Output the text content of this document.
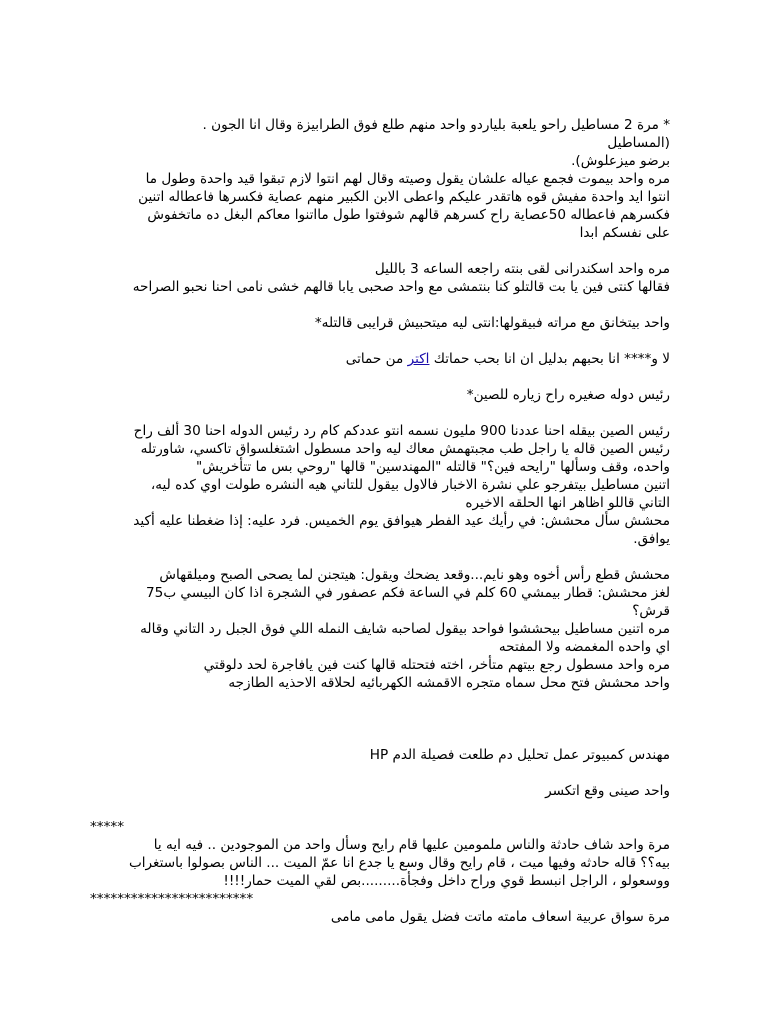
* مرة 2 مساطيل راحو يلعبة بلياردو واحد منهم طلع فوق الطرابيزة وقال انا الجون .

(المساطيل

برضو ميزعلوش).

مره واحد بيموت فجمع عياله علشان يقول وصيته وقال لهم انتوا لازم تبقوا قيد واحدة وطول ما

انتوا ايد واحدة مفيش قوه هاتقدر عليكم واعطى الابن الكبير منهم عصاية فكسرها فاعطاله اتنين

فكسرهم فاعطاله 50عصاية راح كسرهم قالهم شوفتوا طول مااتنوا معاكم البغل ده ماتخفوش

على نفسكم ابدا

مره واحد اسكندرانى لقى بنته راجعه الساعه 3 بالليل

فقالها كنتى فين يا بت قالتلو كنا بنتمشى مع واحد صحبى يابا قالهم خشى نامى احنا نحبو الصراحه

واحد بيتخانق مع مراته فبيقولها:انتى ليه ميتحبيش قرايبى قالتله*

لا و**** انا بحبهم بدليل ان انا بحب حماتك اكتر من حماتى

رئيس دوله صغيره راح زياره للصين*

رئيس الصين بيقله احنا عددنا 900 مليون نسمه انتو عددكم كام رد رئيس الدوله احنا 30 ألف راح

رئيس الصين قاله يا راجل طب مجبتهمش معاك ليه واحد مسطول اشتغلسواق تاكسي، شاورتله

واحده، وقف وسألها "رايحه فين؟" قالتله "المهندسين" قالها "روحي بس ما تتأخريش"

اتنين مساطيل بيتفرجو علي نشرة الاخبار فالاول بيقول للتاني هيه النشره طولت اوي كده ليه،

التاني قاللو اظاهر انها الحلقه الاخيره

محشش سأل محشش: في رأيك عيد الفطر هيوافق يوم الخميس. فرد عليه: إذا ضغطنا عليه أكيد

يوافق.

محشش قطع رأس أخوه وهو نايم...وقعد يضحك ويقول: هيتجنن لما يصحى الصبح وميلقهاش

لغز محشش: قطار بيمشي 60 كلم في الساعة فكم عصفور في الشجرة اذا كان البيسي ب75

قرش؟

مره اتنين مساطيل بيحششوا فواحد بيقول لصاحبه شايف النمله اللي فوق الجبل رد التاني وقاله

اي واحده المغمضه ولا المفتحه

مره واحد مسطول رجع بيتهم متأخر، اخته فتحتله قالها كنت فين يافاجرة لحد دلوقتي

واحد محشش فتح محل سماه متجره الاقمشه الكهربائيه لحلاقه الاحذيه الطازجه

مهندس كمبيوتر عمل تحليل دم طلعت فصيلة الدم HP

واحد صينى وقع اتكسر

*****

مرة واحد شاف حادثة والناس ملمومين عليها قام رايح وسأل واحد من الموجودين .. فيه ايه يا

بيه؟؟ قاله حادثه وفيها ميت ، قام رايح وقال وسع يا جدع انا عمّ الميت ... الناس بصولوا باستغراب

ووسعولو ، الراجل انبسط قوي وراح داخل وفجأة.........بص لقي الميت حمار!!!!

************************

مرة سواق عربية اسعاف مامته ماتت فضل يقول مامى مامى
